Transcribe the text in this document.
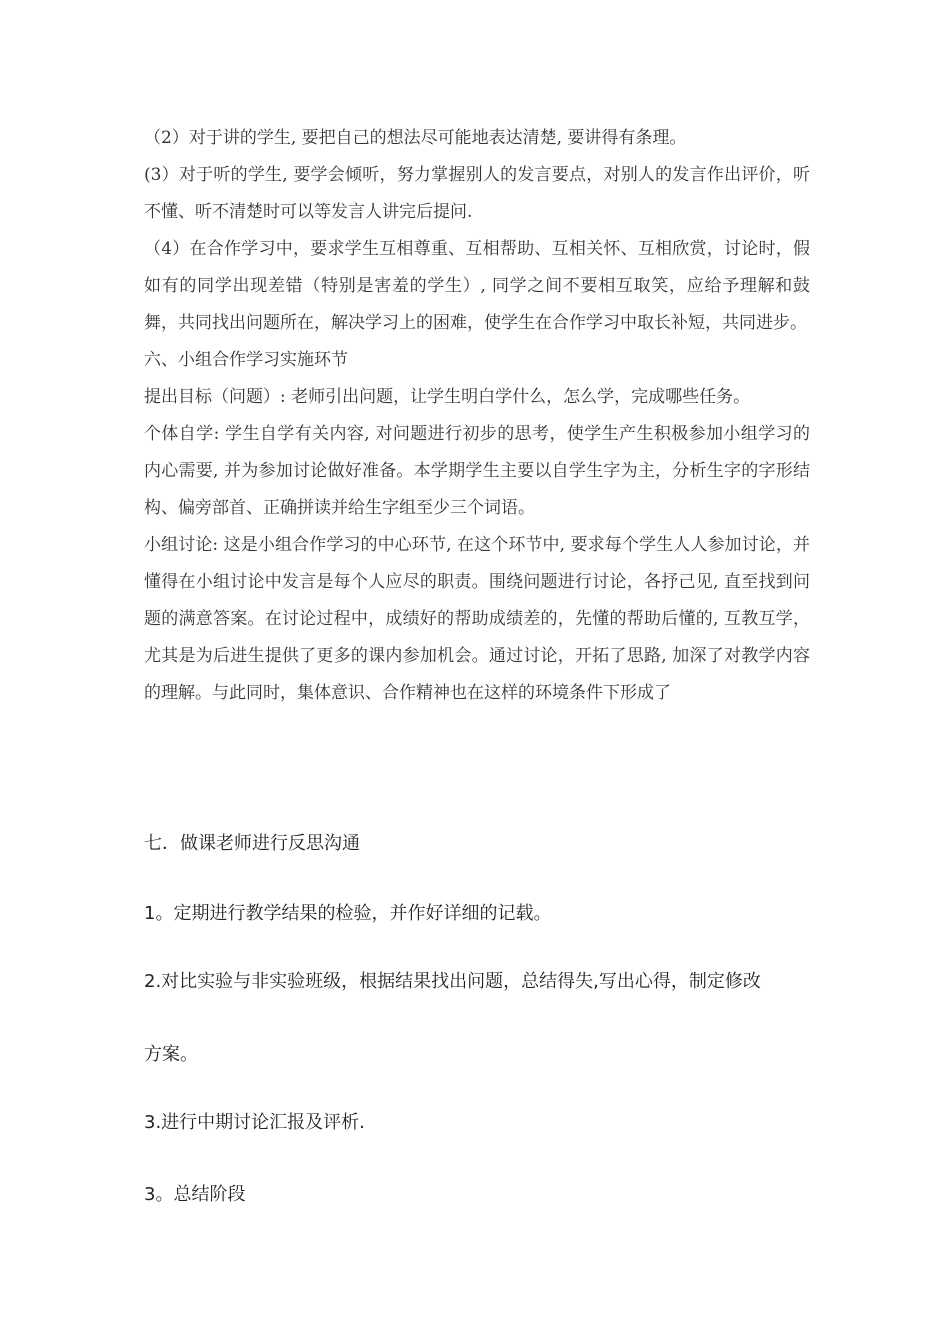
（2）对于讲的学生, 要把自己的想法尽可能地表达清楚, 要讲得有条理。

(3）对于听的学生, 要学会倾听，努力掌握别人的发言要点，对别人的发言作出评价，听不懂、听不清楚时可以等发言人讲完后提问.

（4）在合作学习中，要求学生互相尊重、互相帮助、互相关怀、互相欣赏，讨论时，假如有的同学出现差错（特别是害羞的学生）, 同学之间不要相互取笑，应给予理解和鼓舞，共同找出问题所在，解决学习上的困难，使学生在合作学习中取长补短，共同进步。

六、小组合作学习实施环节

提出目标（问题）: 老师引出问题，让学生明白学什么，怎么学，完成哪些任务。

个体自学: 学生自学有关内容, 对问题进行初步的思考，使学生产生积极参加小组学习的内心需要, 并为参加讨论做好准备。本学期学生主要以自学生字为主，分析生字的字形结构、偏旁部首、正确拼读并给生字组至少三个词语。

小组讨论: 这是小组合作学习的中心环节, 在这个环节中, 要求每个学生人人参加讨论，并懂得在小组讨论中发言是每个人应尽的职责。围绕问题进行讨论，各抒己见, 直至找到问题的满意答案。在讨论过程中，成绩好的帮助成绩差的，先懂的帮助后懂的, 互教互学，尤其是为后进生提供了更多的课内参加机会。通过讨论，开拓了思路, 加深了对教学内容的理解。与此同时，集体意识、合作精神也在这样的环境条件下形成了

七．做课老师进行反思沟通
1。定期进行教学结果的检验，并作好详细的记载。
2.对比实验与非实验班级，根据结果找出问题，总结得失,写出心得，制定修改
方案。
3.进行中期讨论汇报及评析.
3。总结阶段
